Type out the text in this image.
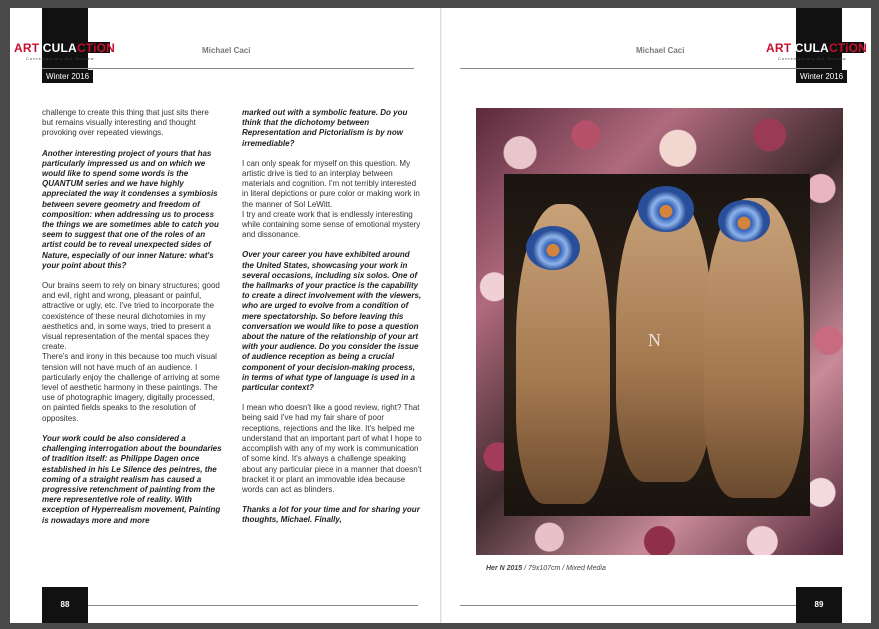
ART iCULA CTiON
Contemporary Art Review
Michael Caci
Winter 2016
ART iCULA CTiON
Contemporary Art Review
Michael Caci
Winter 2016

challenge to create this thing that just sits there but remains visually interesting and thought provoking over repeated viewings.

Another interesting project of yours that has particularly impressed us and on which we would like to spend some words is the QUANTUM series and we have highly appreciated the way it condenses a symbiosis between severe geometry and freedom of composition: when addressing us to process the things we are sometimes able to catch you seem to suggest that one of the roles of an artist could be to reveal unexpected sides of Nature, especially of our inner Nature: what's your point about this?

Our brains seem to rely on binary structures; good and evil, right and wrong, pleasant or painful, attractive or ugly, etc. I've tried to incorporate the coexistence of these neural dichotomies in my aesthetics and, in some ways, tried to present a visual representation of the mental spaces they create.

There's and irony in this because too much visual tension will not have much of an audience. I particularly enjoy the challenge of arriving at some level of aesthetic harmony in these paintings. The use of photographic imagery, digitally processed, on painted fields speaks to the resolution of opposites.

Your work could be also considered a challenging interrogation about the boundaries of tradition itself: as Philippe Dagen once established in his Le Silence des peintres, the coming of a straight realism has caused a progressive retenchment of painting from the mere representetive role of reality. With exception of Hyperrealism movement, Painting is nowadays more and more

marked out with a symbolic feature. Do you think that the dichotomy between Representation and Pictorialism is by now irremediable?

I can only speak for myself on this question. My artistic drive is tied to an interplay between materials and cognition. I'm not terribly interested in literal depictions or pure color or making work in the manner of Sol LeWitt.

I try and create work that is endlessly interesting while containing some sense of emotional mystery and dissonance.

Over your career you have exhibited around the United States, showcasing your work in several occasions, including six solos. One of the hallmarks of your practice is the capability to create a direct involvement with the viewers, who are urged to evolve from a condition of mere spectatorship. So before leaving this conversation we would like to pose a question about the nature of the relationship of your art with your audience. Do you consider the issue of audience reception as being a crucial component of your decision-making process, in terms of what type of language is used in a particular context?

I mean who doesn't like a good review, right? That being said I've had my fair share of poor receptions, rejections and the like. It's helped me understand that an important part of what I hope to accomplish with any of my work is communication of some kind. It's always a challenge speaking about any particular piece in a manner that doesn't bracket it or plant an immovable idea because words can act as blinders.

Thanks a lot for your time and for sharing your thoughts, Michael. Finally,

N
Her N 2015 / 79x107cm / Mixed Media
88	89
